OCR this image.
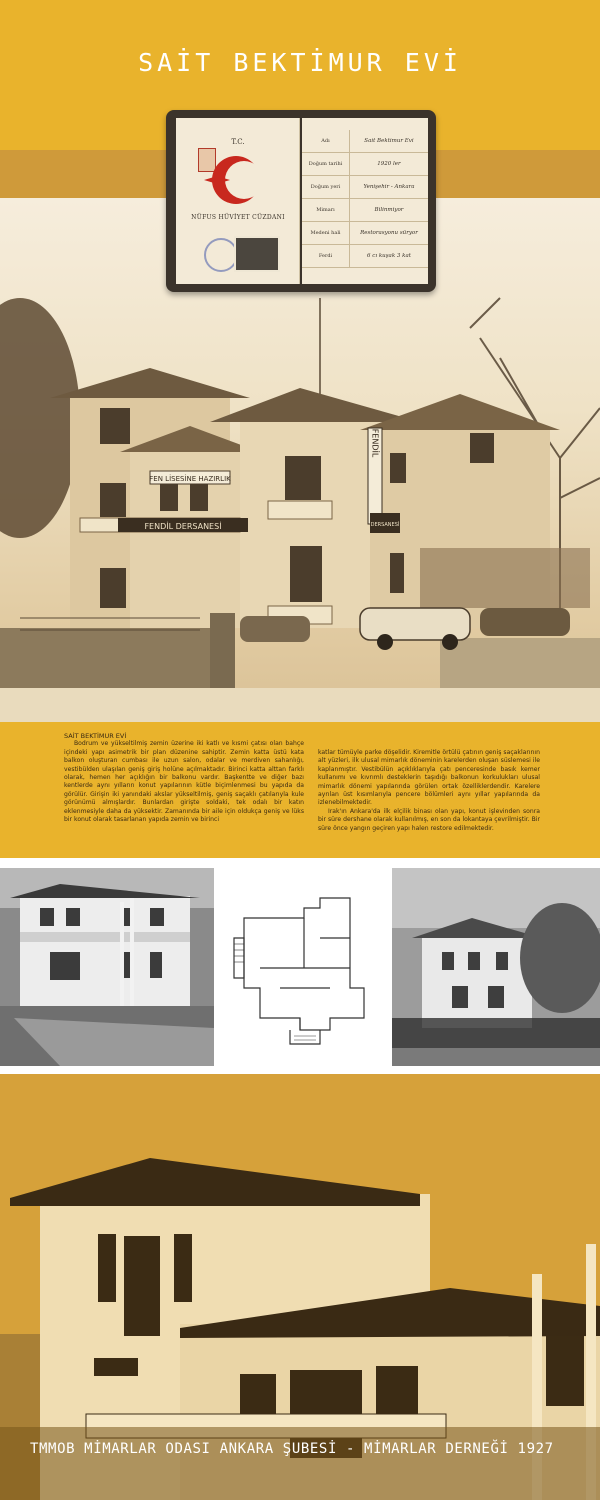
FEN LİSESİNE HAZIRLIK
FENDİL DERSANESİ
FENDİL
DERSANESİ
SAİT BEKTİMUR EVİ
T.C.
NÜFUS HÜVİYET CÜZDANI
Adı	Sait Bektimur Evi
Doğum tarihi	1920 ler
Doğum yeri	Yenişehir - Ankara
Mimarı	Bilinmiyor
Medeni hali	Restorasyonu süryor
Ferdi	6 cı kuşak 3 kat
SAİT BEKTİMUR EVİ

Bodrum ve yükseltilmiş zemin üzerine iki katlı ve kısmi çatısı olan bahçe içindeki yapı asimetrik bir plan düzenine sahiptir. Zemin katta üstü kata balkon oluşturan cumbası ile uzun salon, odalar ve merdiven sahanlığı, vestibülden ulaşılan geniş giriş holüne açılmaktadır. Birinci katta alttan farklı olarak, hemen her açıklığın bir balkonu vardır. Başkentte ve diğer bazı kentlerde aynı yılların konut yapılarının kütle biçimlenmesi bu yapıda da görülür. Girişin iki yanındaki akslar yükseltilmiş, geniş saçaklı çatılarıyla kule görünümü almışlardır. Bunlardan girişte soldaki, tek odalı bir katın eklenmesiyle daha da yüksektir. Zamanında bir aile için oldukça geniş ve lüks bir konut olarak tasarlanan yapıda zemin ve birinci

katlar tümüyle parke döşelidir. Kiremitle örtülü çatının geniş saçaklarının alt yüzleri, ilk ulusal mimarlık döneminin karelerden oluşan süslemesi ile kaplanmıştır. Vestibülün açıklıklarıyla çatı penceresinde basık kemer kullanımı ve kıvrımlı desteklerin taşıdığı balkonun korkulukları ulusal mimarlık dönemi yapılarında görülen ortak özelliklerdendir. Karelere ayrılan üst kısımlarıyla pencere bölümleri aynı yıllar yapılarında da izlenebilmektedir.

Irak'ın Ankara'da ilk elçilik binası olan yapı, konut işlevinden sonra bir süre dershane olarak kullanılmış, en son da lokantaya çevrilmiştir. Bir süre önce yangın geçiren yapı halen restore edilmektedir.

TMMOB MİMARLAR ODASI ANKARA ŞUBESİ - MİMARLAR DERNEĞİ 1927
